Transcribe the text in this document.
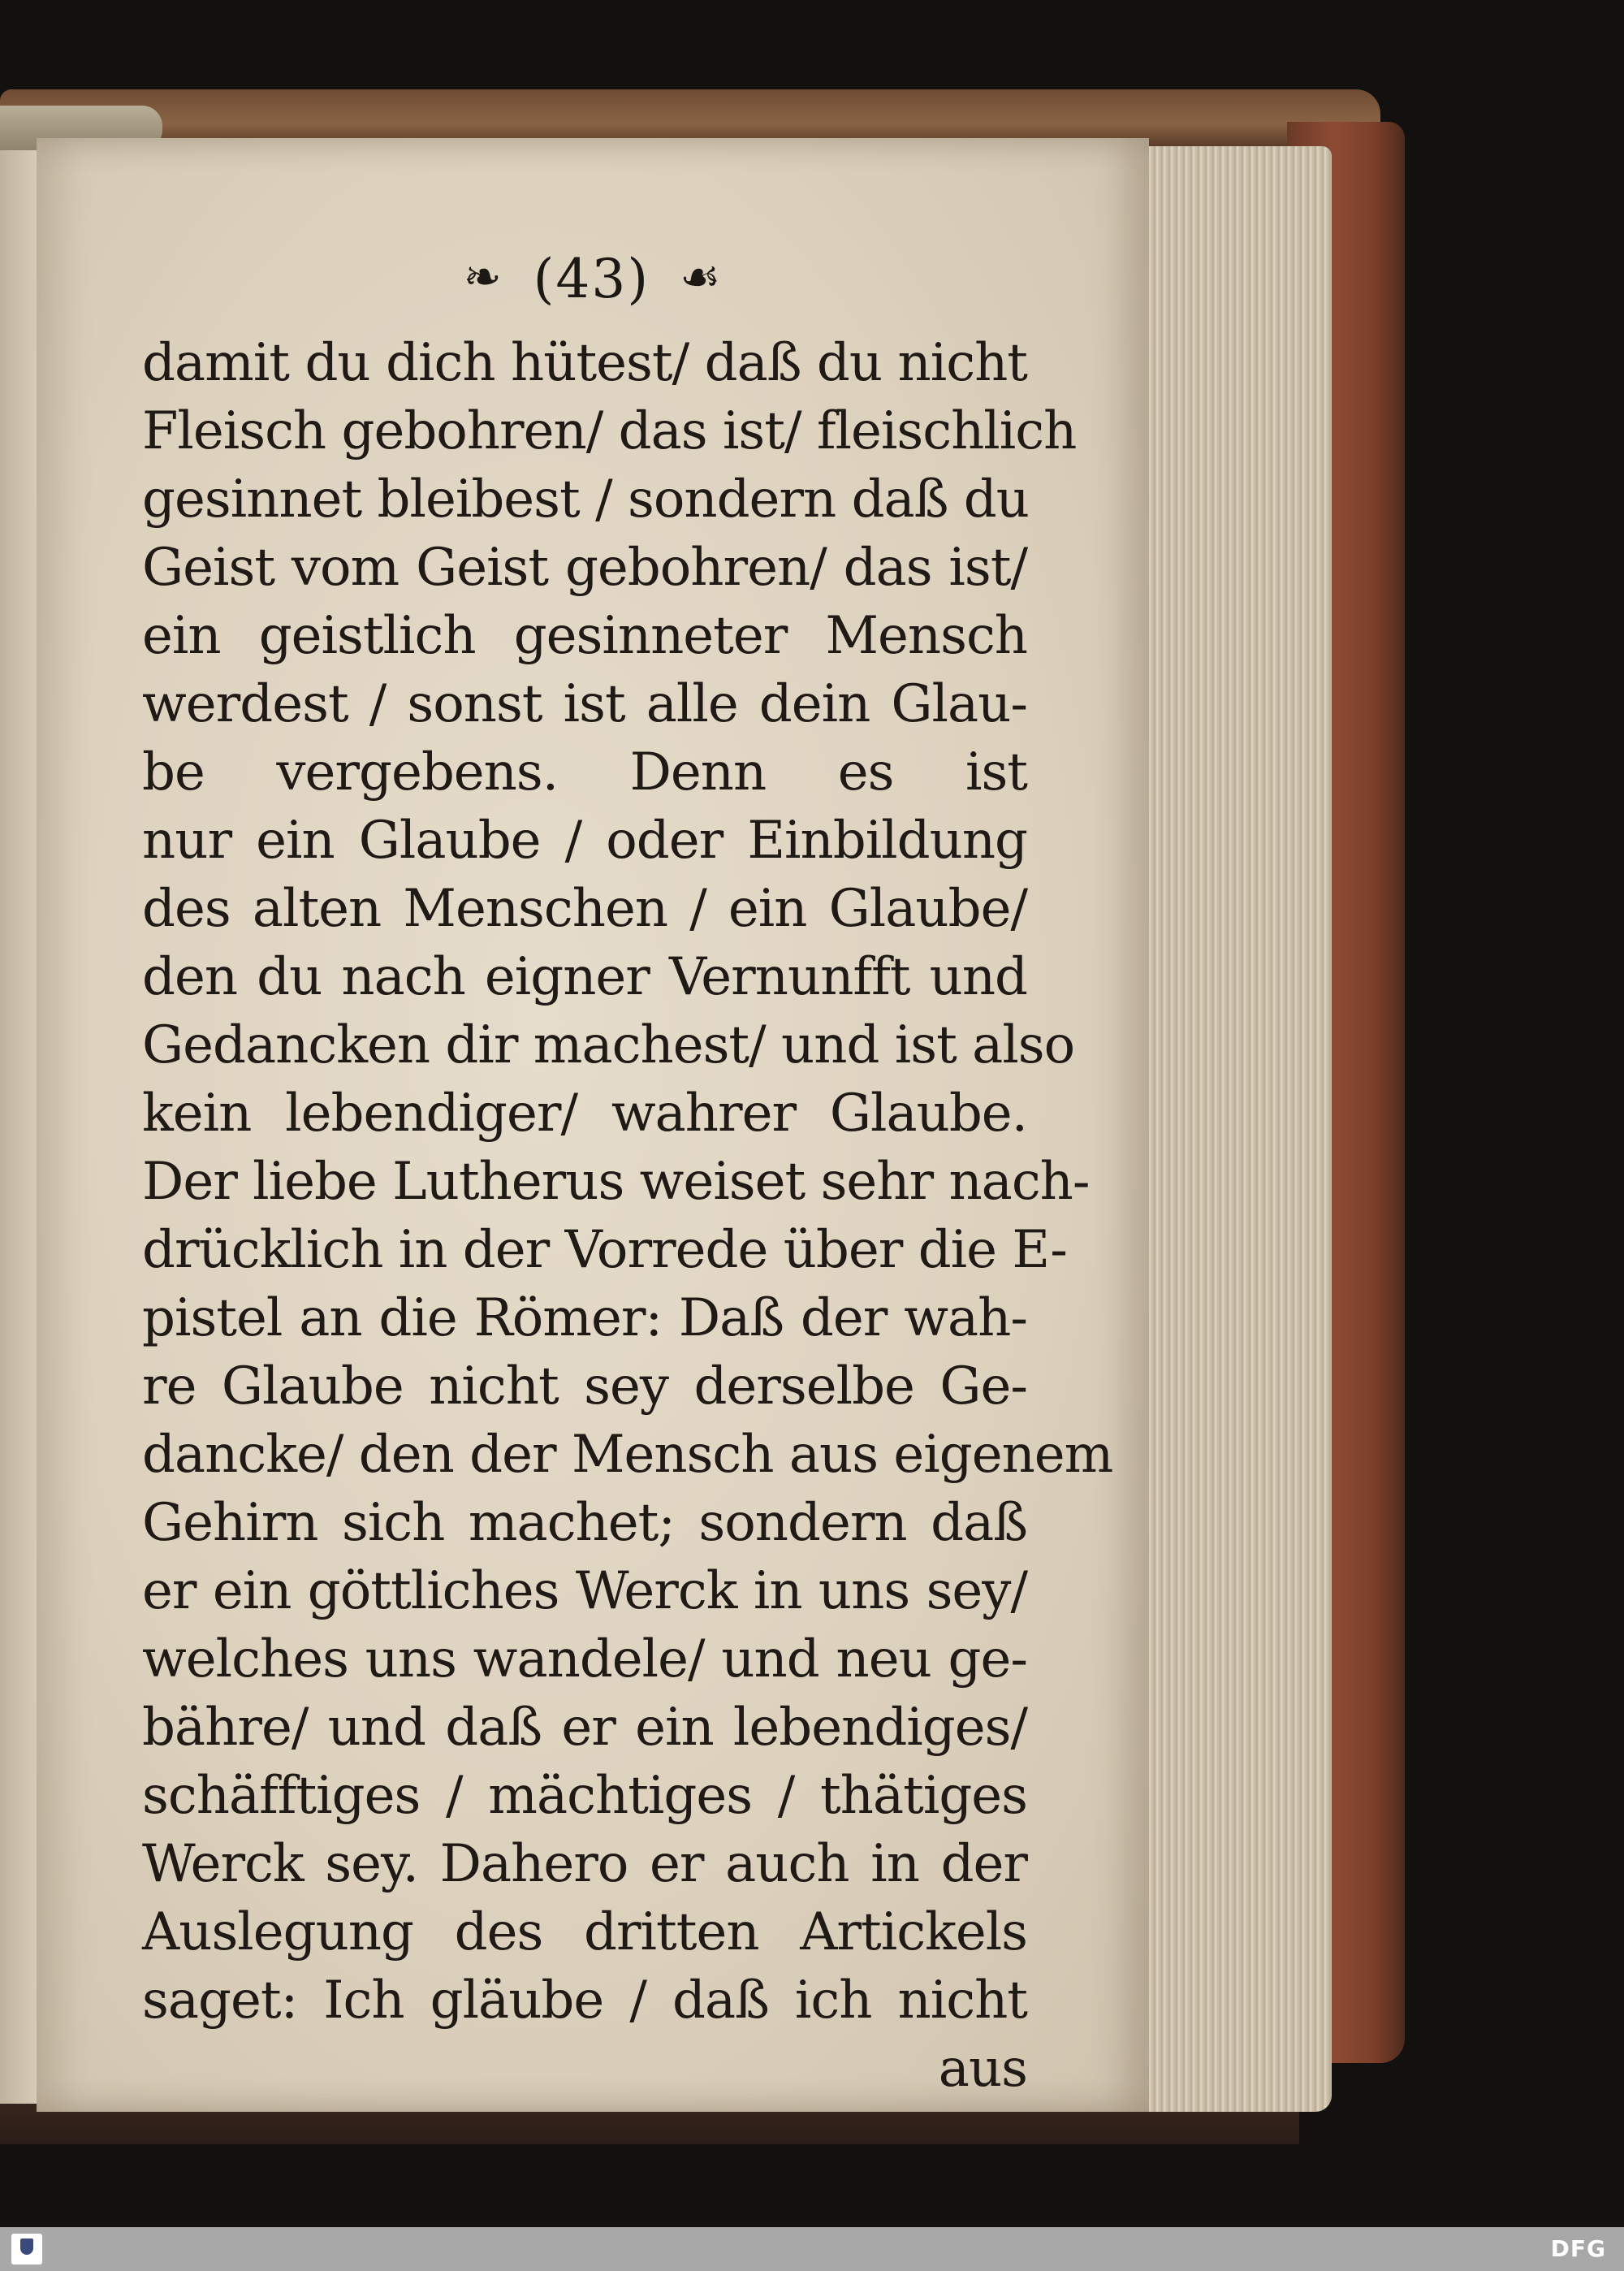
❧ (43) ☙
damit du dich hütest/ daß du nicht
Fleisch gebohren/ das ist/ fleischlich
gesinnet bleibest / sondern daß du
Geist vom Geist gebohren/ das ist/
ein geistlich gesinneter Mensch
werdest / sonst ist alle dein Glau-
be vergebens. Denn es ist
nur ein Glaube / oder Einbildung
des alten Menschen / ein Glaube/
den du nach eigner Vernunfft und
Gedancken dir machest/ und ist also
kein lebendiger/ wahrer Glaube.
Der liebe Lutherus weiset sehr nach-
drücklich in der Vorrede über die E-
pistel an die Römer: Daß der wah-
re Glaube nicht sey derselbe Ge-
dancke/ den der Mensch aus eigenem
Gehirn sich machet; sondern daß
er ein göttliches Werck in uns sey/
welches uns wandele/ und neu ge-
bähre/ und daß er ein lebendiges/
schäfftiges / mächtiges / thätiges
Werck sey. Dahero er auch in der
Auslegung des dritten Artickels
saget: Ich gläube / daß ich nicht
aus
DFG
